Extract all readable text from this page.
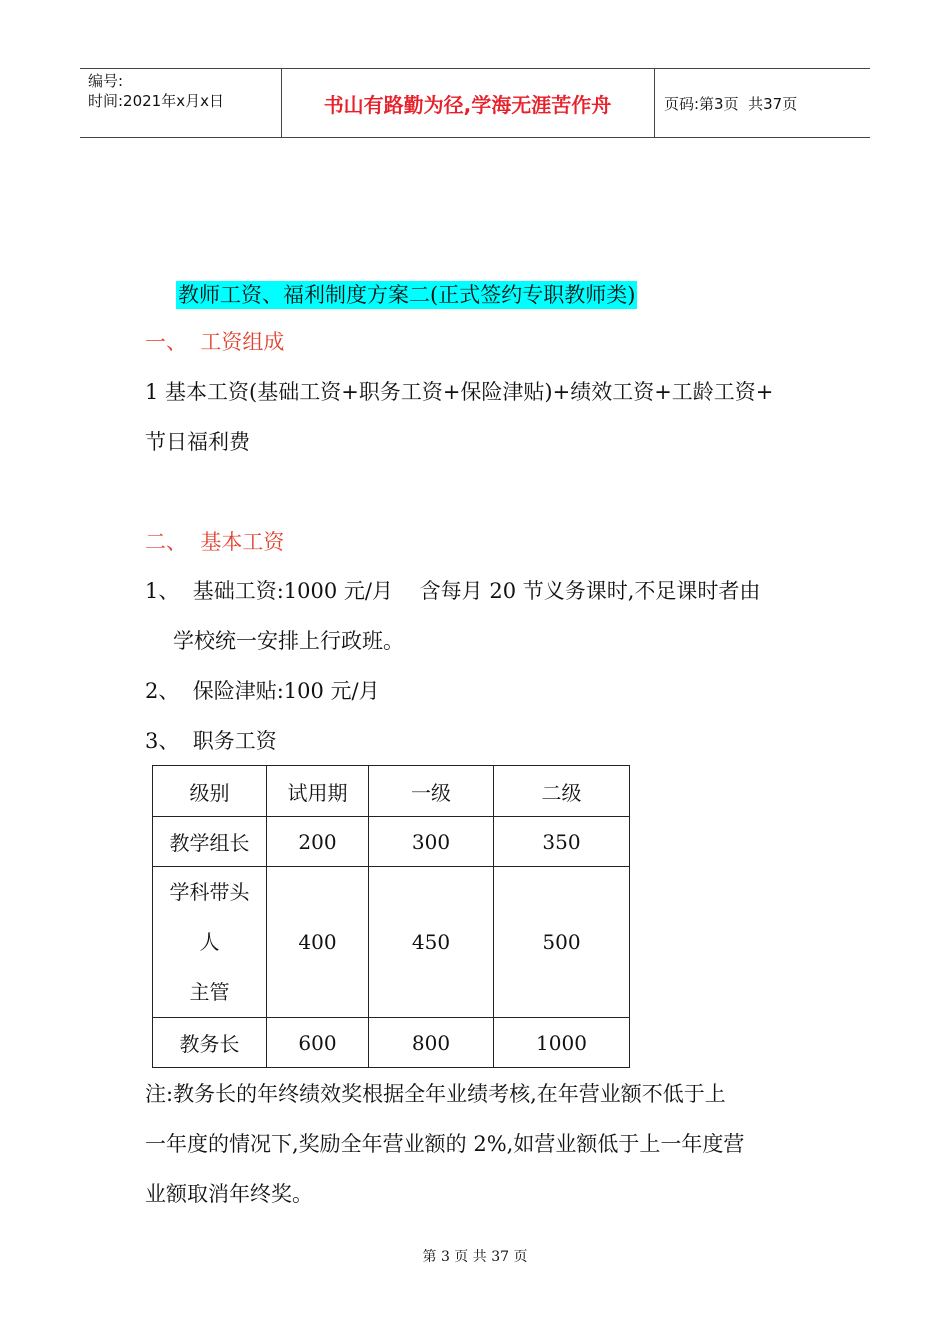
编号:
时间:2021年x月x日	书山有路勤为径,学海无涯苦作舟	页码:第3页  共37页
教师工资、福利制度方案二(正式签约专职教师类)
一、  工资组成
1 基本工资(基础工资+职务工资+保险津贴)+绩效工资+工龄工资+
节日福利费
二、  基本工资
1、  基础工资:1000 元/月    含每月 20 节义务课时,不足课时者由
学校统一安排上行政班。
2、  保险津贴:100 元/月
3、  职务工资
级别	试用期	一级	二级
教学组长	200	300	350

学科带头
人
主管	400	450	500
教务长	600	800	1000
注:教务长的年终绩效奖根据全年业绩考核,在年营业额不低于上
一年度的情况下,奖励全年营业额的 2%,如营业额低于上一年度营
业额取消年终奖。
第 3 页 共 37 页
